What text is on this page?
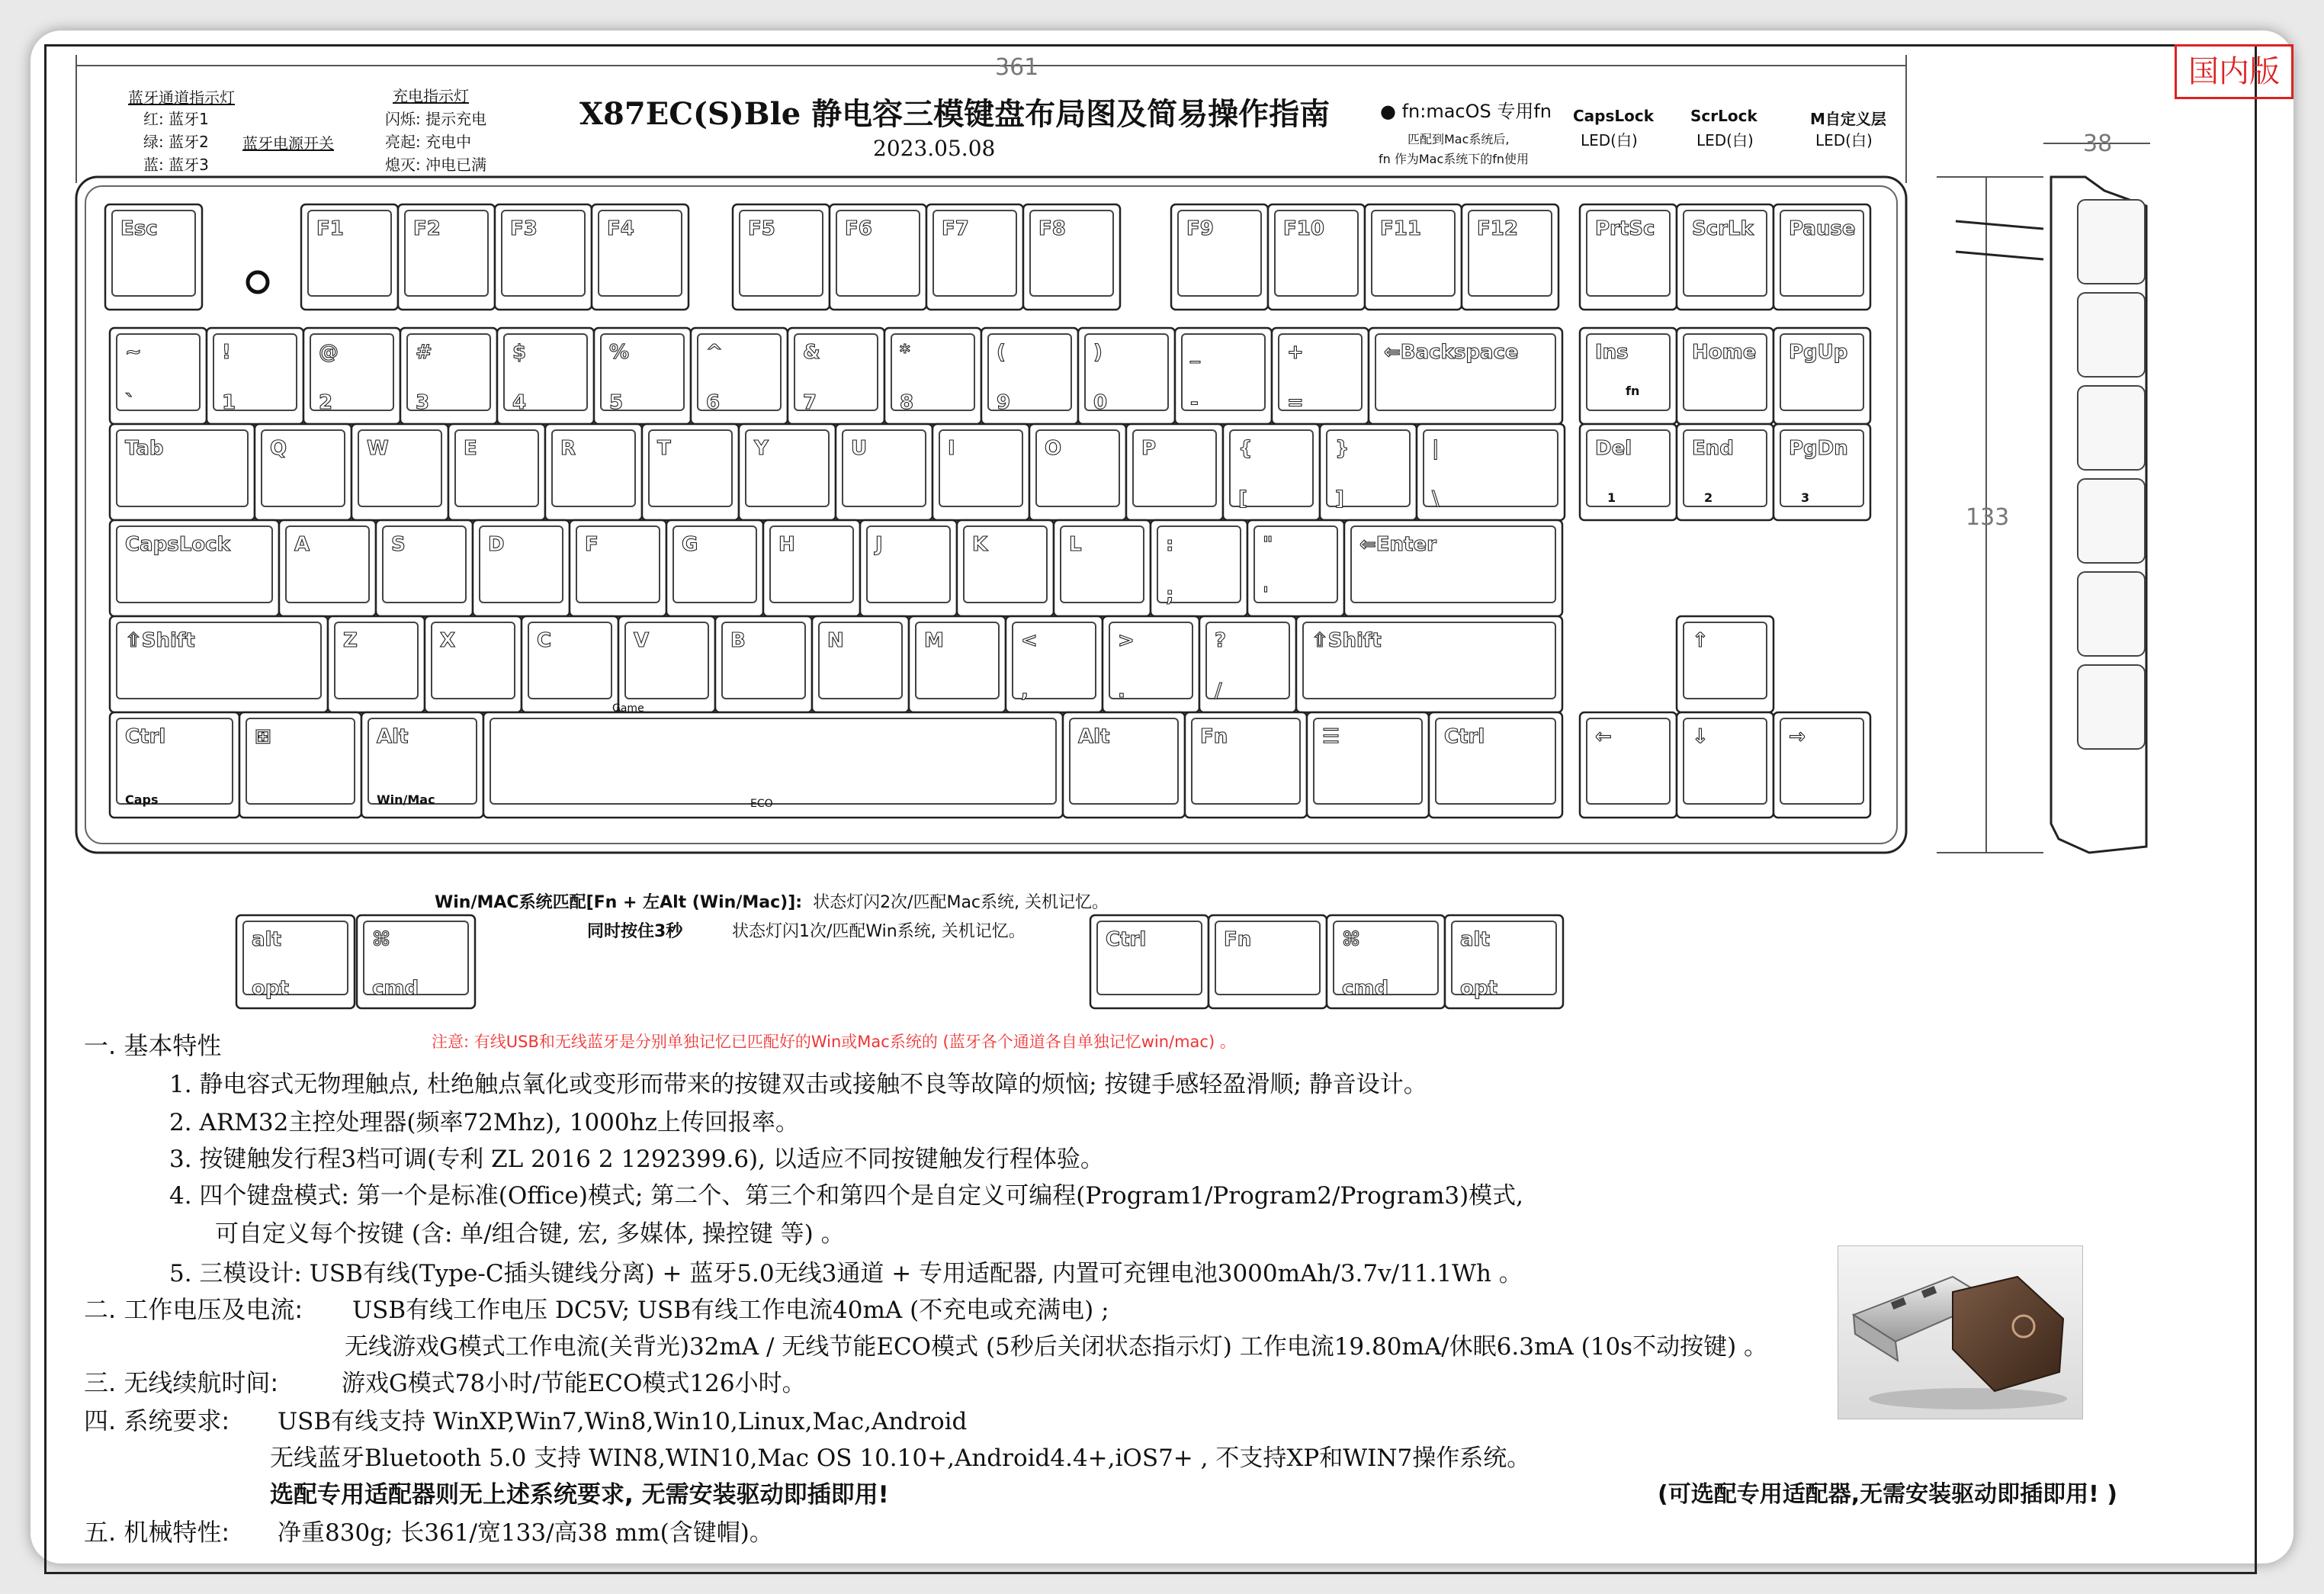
国内版
X87EC(S)Ble 静电容三模键盘布局图及简易操作指南
2023.05.08
蓝牙通道指示灯
红: 蓝牙1
绿: 蓝牙2
蓝: 蓝牙3
蓝牙电源开关
充电指示灯
闪烁: 提示充电
亮起: 充电中
熄灭: 冲电已满
● fn:macOS 专用fn
匹配到Mac系统后,
fn 作为Mac系统下的fn使用
CapsLock
LED(白)
ScrLock
LED(白)
M自定义层
LED(白)
361
133
38
Esc	F1	F2	F3	F4	F5	F6	F7	F8	F9	F10	F11	F12	PrtSc ScrLk Pause
~
`
!
1
@
2
#
3
$
4
%
5
^
6
&
7
*
8
(
9
)
0
_
-
+
=
⇐Backspace	Ins
fn
Home PgUp
Tab	Q	W	E	R	T	Y	U	I	O	P	{
[
}
]
|
\
Del
1
End
2
PgDn
3
CapsLock	A	S	D	F	G	H	J	K	L	:
;
"
'
⇐Enter
⇧Shift	Z	X	C	V	B	N	M	<
,
>
.
?
/
⇧Shift	↑
Ctrl
Caps
⊞	Alt
Win/Mac
Alt	Fn	☰	Ctrl	←	↓	→
Game
ECO
Win/MAC系统匹配[Fn + 左Alt (Win/Mac)]: 状态灯闪2次/匹配Mac系统, 关机记忆。
同时按住3秒	状态灯闪1次/匹配Win系统, 关机记忆。
alt
opt
⌘
cmd
Ctrl	Fn	⌘
cmd
alt
opt
注意: 有线USB和无线蓝牙是分别单独记忆已匹配好的Win或Mac系统的 (蓝牙各个通道各自单独记忆win/mac) 。
一. 基本特性
1. 静电容式无物理触点, 杜绝触点氧化或变形而带来的按键双击或接触不良等故障的烦恼; 按键手感轻盈滑顺; 静音设计。
2. ARM32主控处理器(频率72Mhz), 1000hz上传回报率。
3. 按键触发行程3档可调(专利 ZL 2016 2 1292399.6), 以适应不同按键触发行程体验。
4. 四个键盘模式: 第一个是标准(Office)模式; 第二个、第三个和第四个是自定义可编程(Program1/Program2/Program3)模式,
可自定义每个按键 (含: 单/组合键, 宏, 多媒体, 操控键 等) 。
5. 三模设计: USB有线(Type-C插头键线分离) + 蓝牙5.0无线3通道 + 专用适配器, 内置可充锂电池3000mAh/3.7v/11.1Wh 。
二. 工作电压及电流: USB有线工作电压 DC5V; USB有线工作电流40mA (不充电或充满电) ;
无线游戏G模式工作电流(关背光)32mA / 无线节能ECO模式 (5秒后关闭状态指示灯) 工作电流19.80mA/休眠6.3mA (10s不动按键) 。
三. 无线续航时间:	游戏G模式78小时/节能ECO模式126小时。
四. 系统要求: USB有线支持 WinXP,Win7,Win8,Win10,Linux,Mac,Android
无线蓝牙Bluetooth 5.0 支持 WIN8,WIN10,Mac OS 10.10+,Android4.4+,iOS7+ , 不支持XP和WIN7操作系统。
选配专用适配器则无上述系统要求, 无需安装驱动即插即用!
五. 机械特性: 净重830g; 长361/宽133/高38 mm(含键帽)。
(可选配专用适配器,无需安装驱动即插即用! )
